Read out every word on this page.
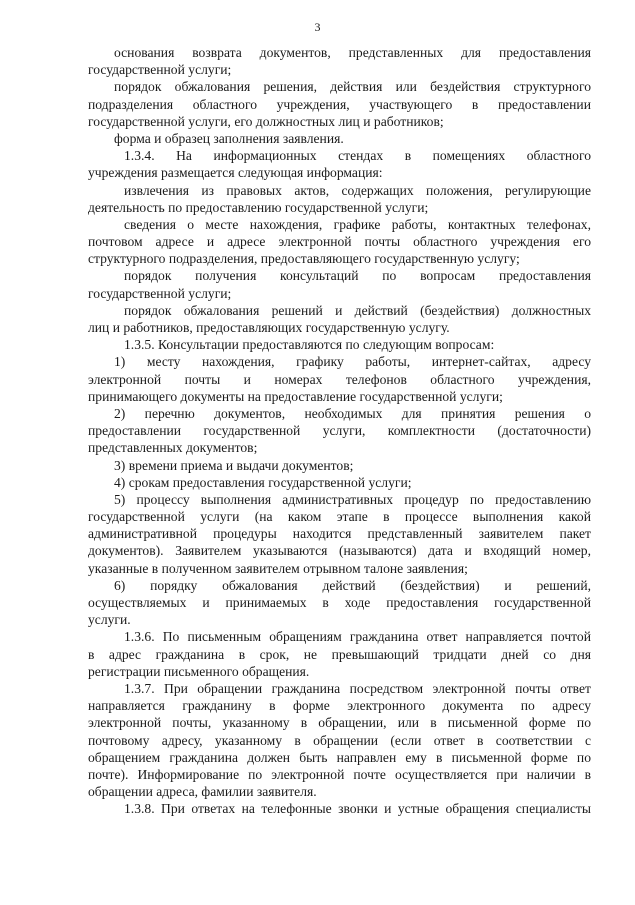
3
основания возврата документов, представленных для предоставления
государственной услуги;
порядок обжалования решения, действия или бездействия структурного
подразделения областного учреждения, участвующего в предоставлении
государственной услуги, его должностных лиц и работников;
форма и образец заполнения заявления.
1.3.4. На информационных стендах в помещениях областного
учреждения размещается следующая информация:
извлечения из правовых актов, содержащих положения, регулирующие
деятельность по предоставлению государственной услуги;
сведения о месте нахождения, графике работы, контактных телефонах,
почтовом адресе и адресе электронной почты областного учреждения его
структурного подразделения, предоставляющего государственную услугу;
порядок получения консультаций по вопросам предоставления
государственной услуги;
порядок обжалования решений и действий (бездействия) должностных
лиц и работников, предоставляющих государственную услугу.
1.3.5. Консультации предоставляются по следующим вопросам:
1) месту нахождения, графику работы, интернет-сайтах, адресу
электронной почты и номерах телефонов областного учреждения,
принимающего документы на предоставление государственной услуги;
2) перечню документов, необходимых для принятия решения о
предоставлении государственной услуги, комплектности (достаточности)
представленных документов;
3) времени приема и выдачи документов;
4) срокам предоставления государственной услуги;
5) процессу выполнения административных процедур по предоставлению
государственной услуги (на каком этапе в процессе выполнения какой
административной процедуры находится представленный заявителем пакет
документов). Заявителем указываются (называются) дата и входящий номер,
указанные в полученном заявителем отрывном талоне заявления;
6) порядку обжалования действий (бездействия) и решений,
осуществляемых и принимаемых в ходе предоставления государственной
услуги.
1.3.6. По письменным обращениям гражданина ответ направляется почтой
в адрес гражданина в срок, не превышающий тридцати дней со дня
регистрации письменного обращения.
1.3.7. При обращении гражданина посредством электронной почты ответ
направляется гражданину в форме электронного документа по адресу
электронной почты, указанному в обращении, или в письменной форме по
почтовому адресу, указанному в обращении (если ответ в соответствии с
обращением гражданина должен быть направлен ему в письменной форме по
почте). Информирование по электронной почте осуществляется при наличии в
обращении адреса, фамилии заявителя.
1.3.8. При ответах на телефонные звонки и устные обращения специалисты
